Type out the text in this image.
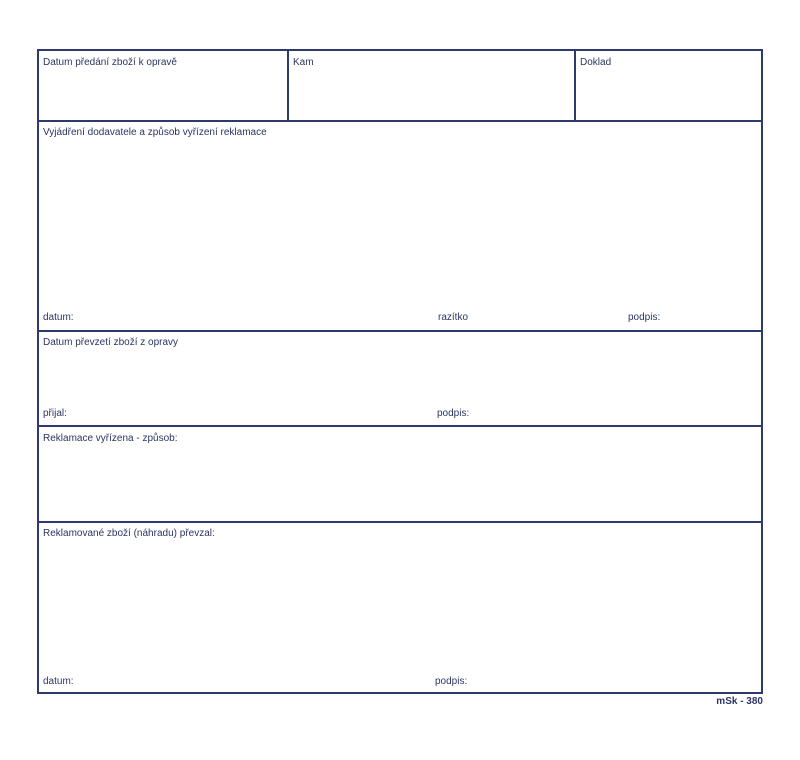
Datum předání zboží k opravě	Kam	Doklad
Vyjádření dodavatele a způsob vyřízení reklamace
datum:	razítko	podpis:
Datum převzetí zboží z opravy
přijal:	podpis:
Reklamace vyřízena - způsob:
Reklamované zboží (náhradu) převzal:
datum:	podpis:
mSk - 380
